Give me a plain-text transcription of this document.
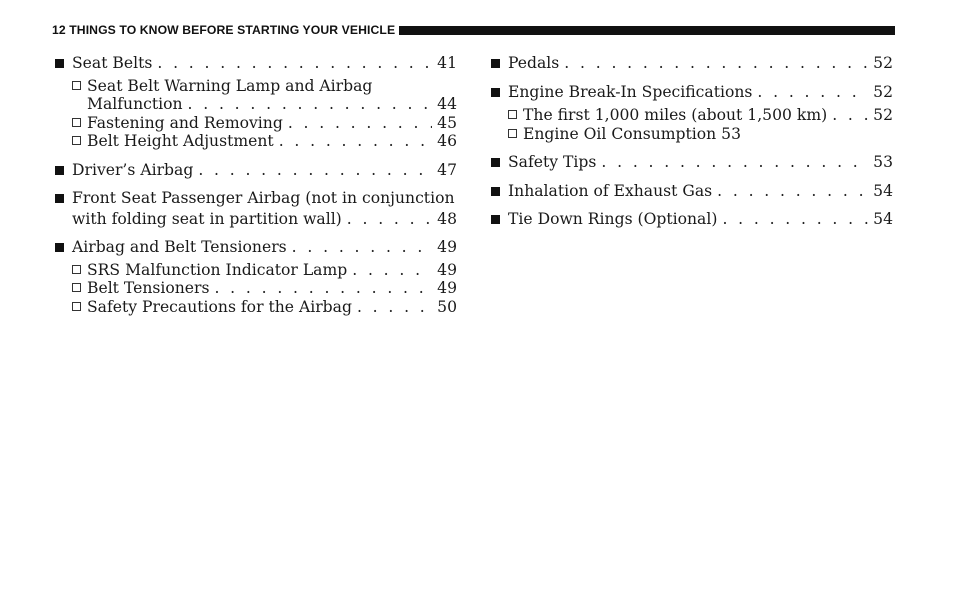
12 THINGS TO KNOW BEFORE STARTING YOUR VEHICLE
Seat Belts . . .	41
Seat Belt Warning Lamp and Airbag
Malfunction . . .	44
Fastening and Removing . . .	45
Belt Height Adjustment . . .	46
Driver’s Airbag . . .	47
Front Seat Passenger Airbag (not in conjunction
with folding seat in partition wall) . . .	48
Airbag and Belt Tensioners . . .	49
SRS Malfunction Indicator Lamp . . .	49
Belt Tensioners . . .	49
Safety Precautions for the Airbag . . .	50
Pedals . . .	52
Engine Break-In Specifications . . .	52
The first 1,000 miles (about 1,500 km) . . .	52
Engine Oil Consumption 53
Safety Tips . . .	53
Inhalation of Exhaust Gas . . .	54
Tie Down Rings (Optional) . . .	54
